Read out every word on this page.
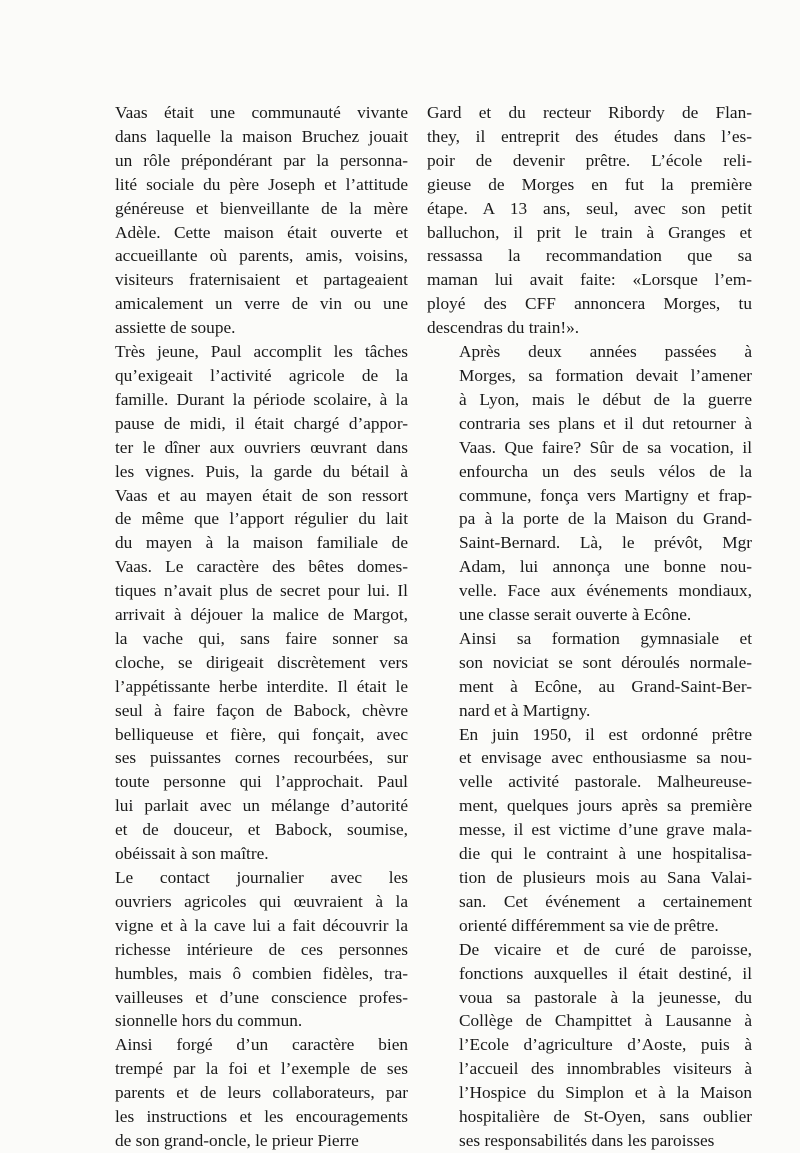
Vaas était une communauté vivante
dans laquelle la maison Bruchez jouait
un rôle prépondérant par la personna-
lité sociale du père Joseph et l’attitude
généreuse et bienveillante de la mère
Adèle. Cette maison était ouverte et
accueillante où parents, amis, voisins,
visiteurs fraternisaient et partageaient
amicalement un verre de vin ou une
assiette de soupe.

Très jeune, Paul accomplit les tâches
qu’exigeait l’activité agricole de la
famille. Durant la période scolaire, à la
pause de midi, il était chargé d’appor-
ter le dîner aux ouvriers œuvrant dans
les vignes. Puis, la garde du bétail à
Vaas et au mayen était de son ressort
de même que l’apport régulier du lait
du mayen à la maison familiale de
Vaas. Le caractère des bêtes domes-
tiques n’avait plus de secret pour lui. Il
arrivait à déjouer la malice de Margot,
la vache qui, sans faire sonner sa
cloche, se dirigeait discrètement vers
l’appétissante herbe interdite. Il était le
seul à faire façon de Babock, chèvre
belliqueuse et fière, qui fonçait, avec
ses puissantes cornes recourbées, sur
toute personne qui l’approchait. Paul
lui parlait avec un mélange d’autorité
et de douceur, et Babock, soumise,
obéissait à son maître.

Le contact journalier avec les
ouvriers agricoles qui œuvraient à la
vigne et à la cave lui a fait découvrir la
richesse intérieure de ces personnes
humbles, mais ô combien fidèles, tra-
vailleuses et d’une conscience profes-
sionnelle hors du commun.

Ainsi forgé d’un caractère bien
trempé par la foi et l’exemple de ses
parents et de leurs collaborateurs, par
les instructions et les encouragements
de son grand-oncle, le prieur Pierre

Gard et du recteur Ribordy de Flan-
they, il entreprit des études dans l’es-
poir de devenir prêtre. L’école reli-
gieuse de Morges en fut la première
étape. A 13 ans, seul, avec son petit
balluchon, il prit le train à Granges et
ressassa la recommandation que sa
maman lui avait faite: «Lorsque l’em-
ployé des CFF annoncera Morges, tu
descendras du train!».

Après deux années passées à
Morges, sa formation devait l’amener
à Lyon, mais le début de la guerre
contraria ses plans et il dut retourner à
Vaas. Que faire? Sûr de sa vocation, il
enfourcha un des seuls vélos de la
commune, fonça vers Martigny et frap-
pa à la porte de la Maison du Grand-
Saint-Bernard. Là, le prévôt, Mgr
Adam, lui annonça une bonne nou-
velle. Face aux événements mondiaux,
une classe serait ouverte à Ecône.

Ainsi sa formation gymnasiale et
son noviciat se sont déroulés normale-
ment à Ecône, au Grand-Saint-Ber-
nard et à Martigny.

En juin 1950, il est ordonné prêtre
et envisage avec enthousiasme sa nou-
velle activité pastorale. Malheureuse-
ment, quelques jours après sa première
messe, il est victime d’une grave mala-
die qui le contraint à une hospitalisa-
tion de plusieurs mois au Sana Valai-
san. Cet événement a certainement
orienté différemment sa vie de prêtre.

De vicaire et de curé de paroisse,
fonctions auxquelles il était destiné, il
voua sa pastorale à la jeunesse, du
Collège de Champittet à Lausanne à
l’Ecole d’agriculture d’Aoste, puis à
l’accueil des innombrables visiteurs à
l’Hospice du Simplon et à la Maison
hospitalière de St-Oyen, sans oublier
ses responsabilités dans les paroisses
